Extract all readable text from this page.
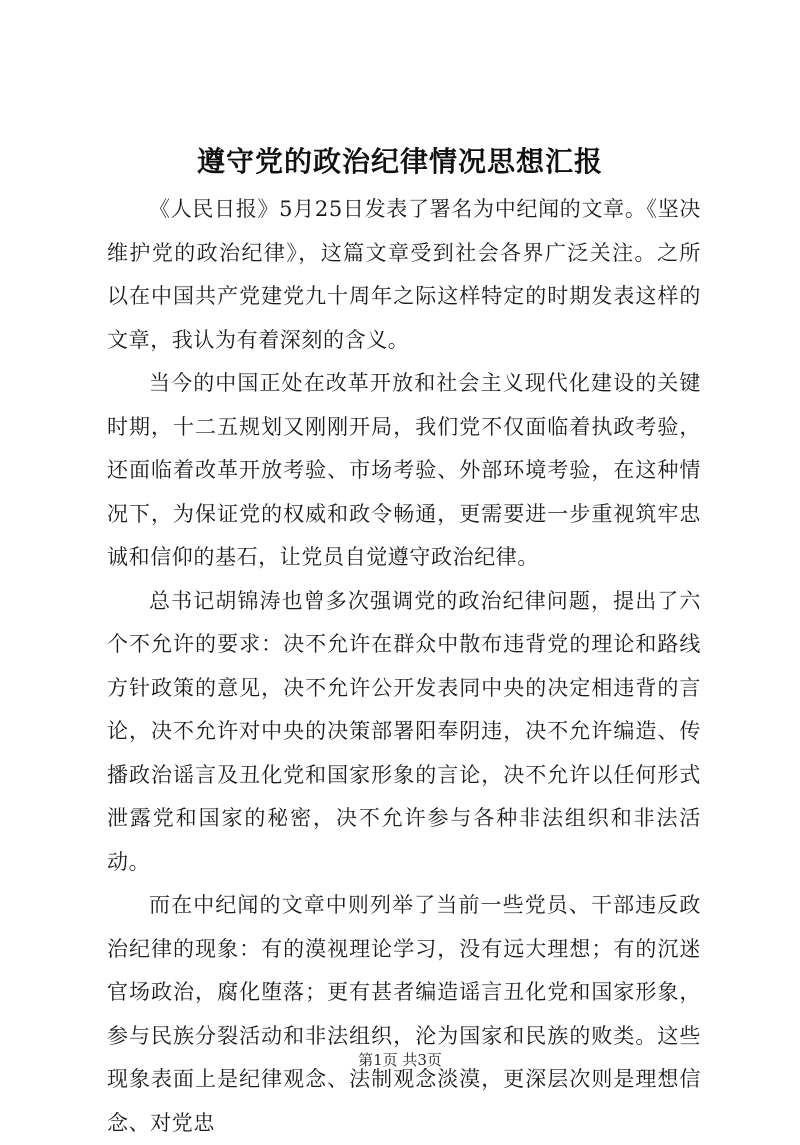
遵守党的政治纪律情况思想汇报

《人民日报》5月25日发表了署名为中纪闻的文章。《坚决维护党的政治纪律》，这篇文章受到社会各界广泛关注。之所以在中国共产党建党九十周年之际这样特定的时期发表这样的文章，我认为有着深刻的含义。

当今的中国正处在改革开放和社会主义现代化建设的关键时期，十二五规划又刚刚开局，我们党不仅面临着执政考验，还面临着改革开放考验、市场考验、外部环境考验，在这种情况下，为保证党的权威和政令畅通，更需要进一步重视筑牢忠诚和信仰的基石，让党员自觉遵守政治纪律。

总书记胡锦涛也曾多次强调党的政治纪律问题，提出了六个不允许的要求：决不允许在群众中散布违背党的理论和路线方针政策的意见，决不允许公开发表同中央的决定相违背的言论，决不允许对中央的决策部署阳奉阴违，决不允许编造、传播政治谣言及丑化党和国家形象的言论，决不允许以任何形式泄露党和国家的秘密，决不允许参与各种非法组织和非法活动。

而在中纪闻的文章中则列举了当前一些党员、干部违反政治纪律的现象：有的漠视理论学习，没有远大理想；有的沉迷官场政治，腐化堕落；更有甚者编造谣言丑化党和国家形象，参与民族分裂活动和非法组织，沦为国家和民族的败类。这些现象表面上是纪律观念、法制观念淡漠，更深层次则是理想信念、对党忠

第1页 共3页
